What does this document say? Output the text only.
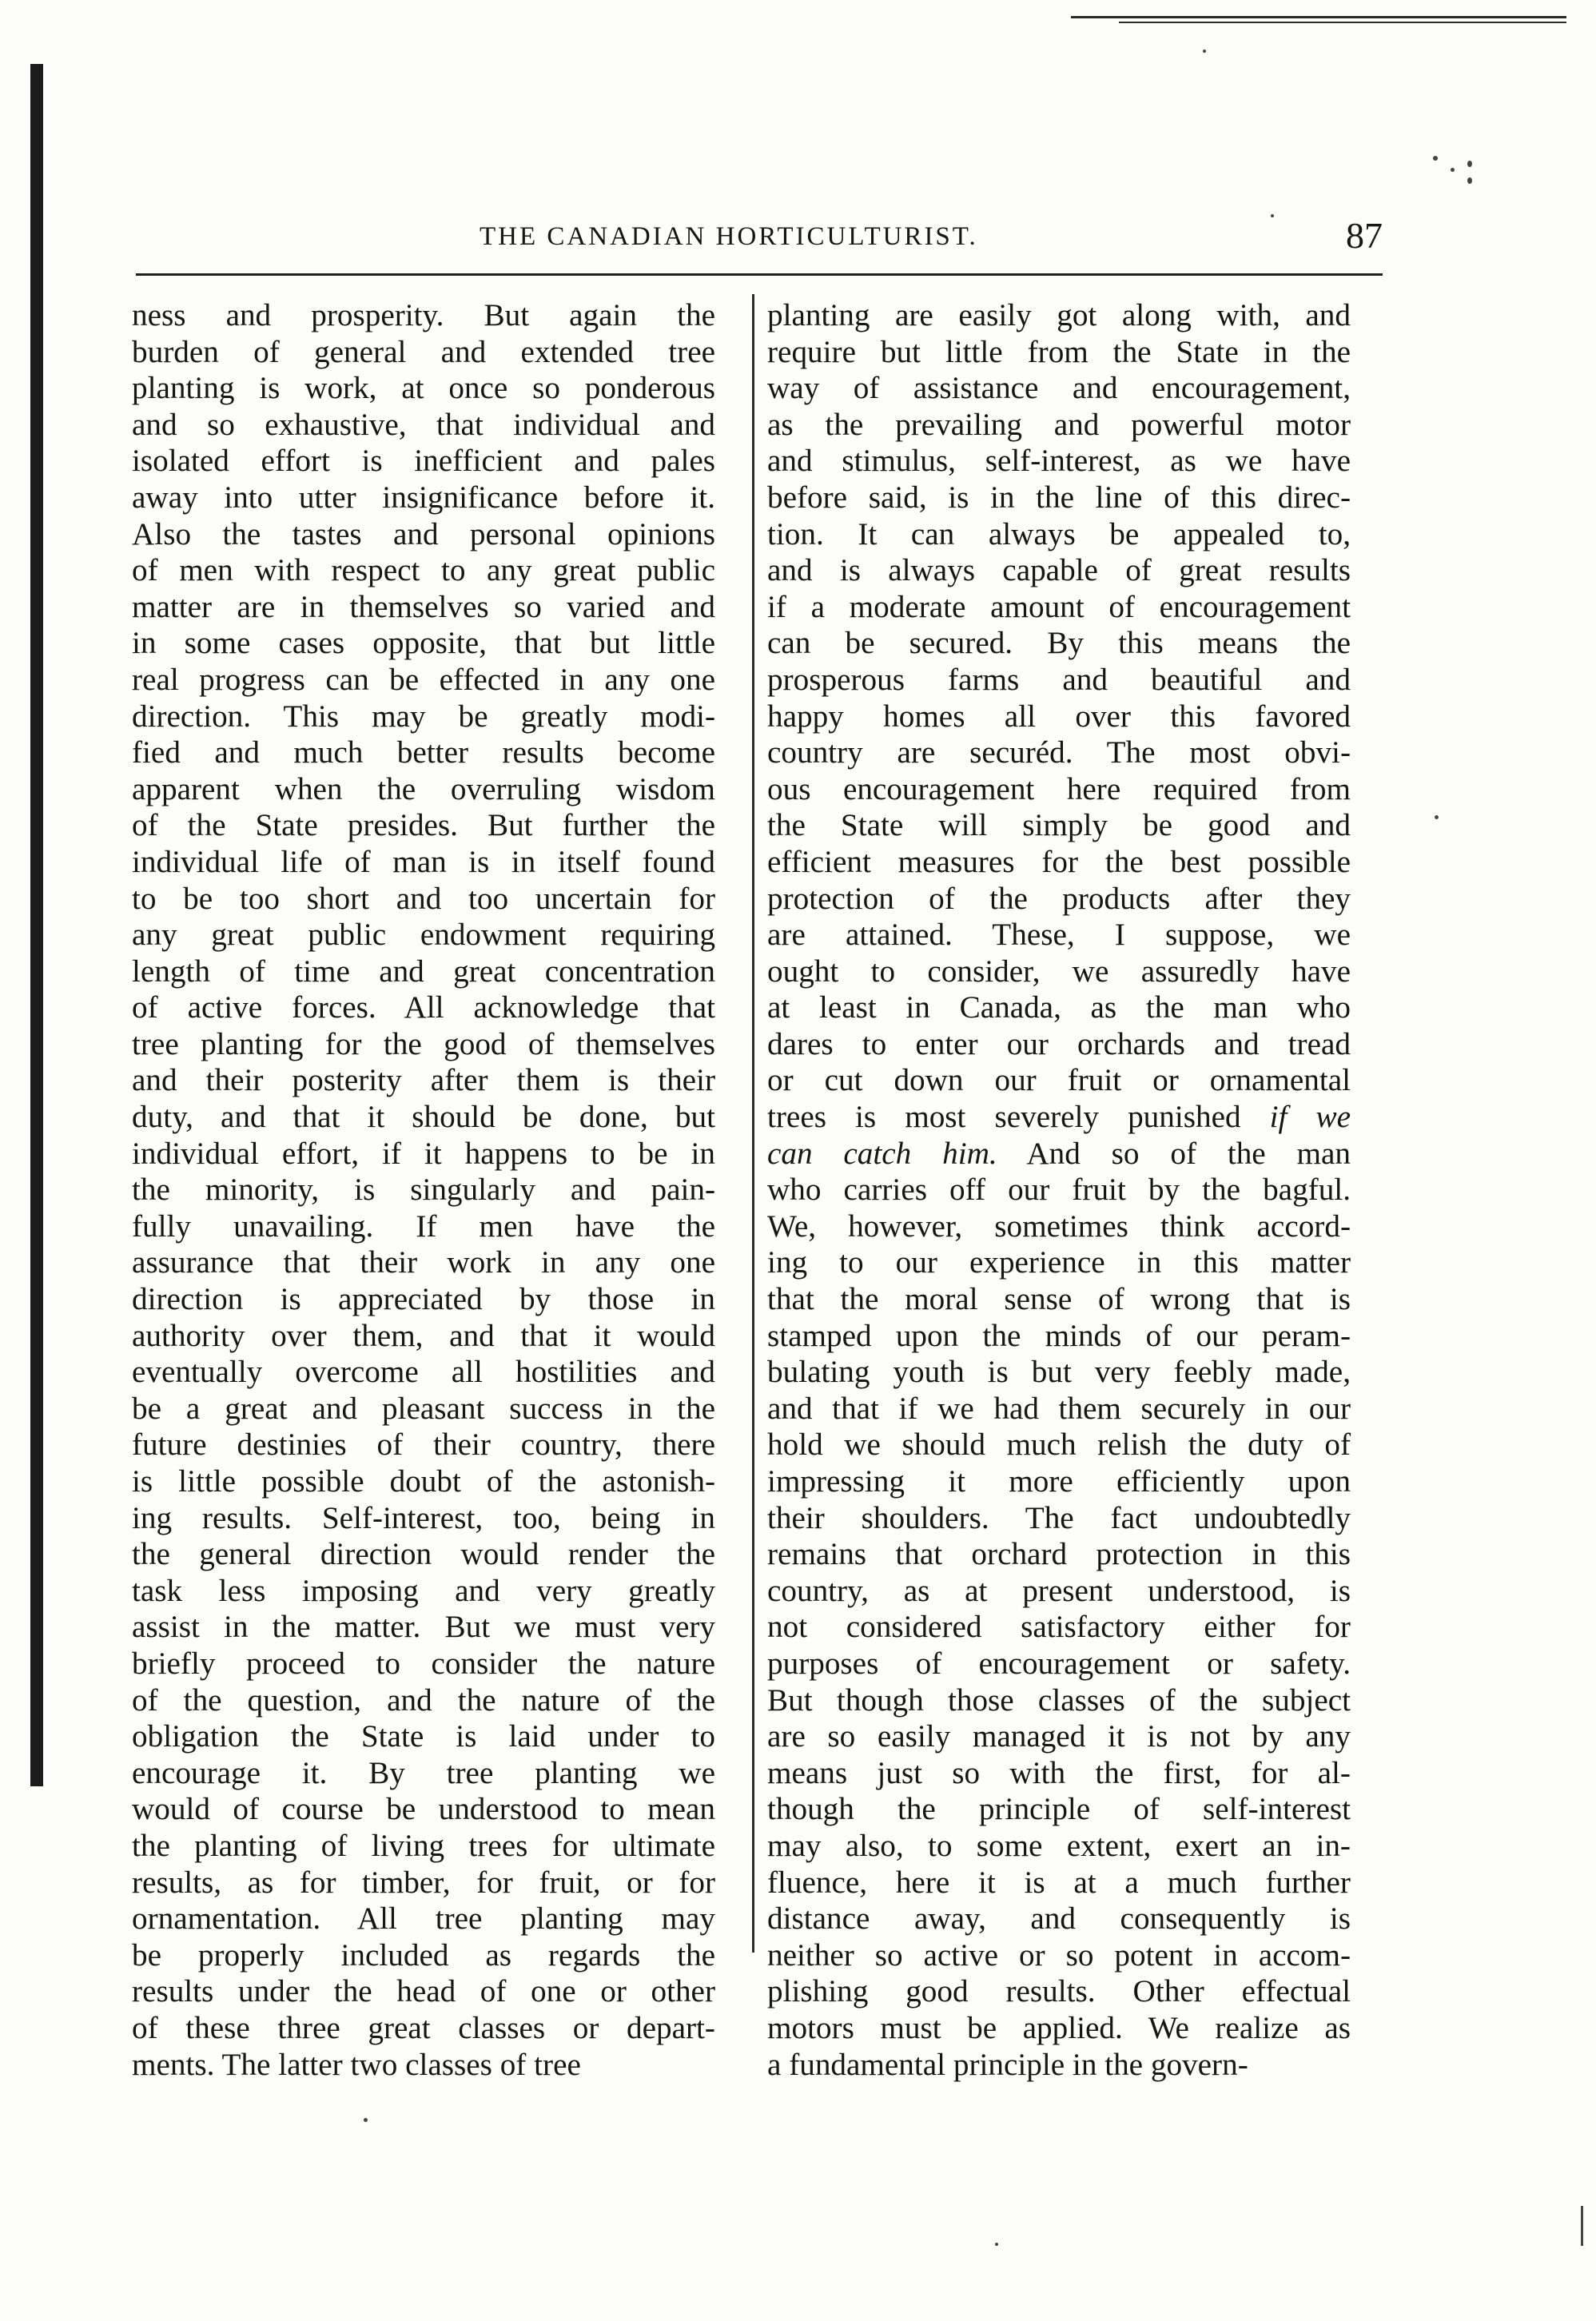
THE CANADIAN HORTICULTURIST.	87
ness and prosperity. But again the
burden of general and extended tree
planting is work, at once so ponderous
and so exhaustive, that individual and
isolated effort is inefficient and pales
away into utter insignificance before it.
Also the tastes and personal opinions
of men with respect to any great public
matter are in themselves so varied and
in some cases opposite, that but little
real progress can be effected in any one
direction. This may be greatly modi-
fied and much better results become
apparent when the overruling wisdom
of the State presides. But further the
individual life of man is in itself found
to be too short and too uncertain for
any great public endowment requiring
length of time and great concentration
of active forces. All acknowledge that
tree planting for the good of themselves
and their posterity after them is their
duty, and that it should be done, but
individual effort, if it happens to be in
the minority, is singularly and pain-
fully unavailing. If men have the
assurance that their work in any one
direction is appreciated by those in
authority over them, and that it would
eventually overcome all hostilities and
be a great and pleasant success in the
future destinies of their country, there
is little possible doubt of the astonish-
ing results. Self-interest, too, being in
the general direction would render the
task less imposing and very greatly
assist in the matter. But we must very
briefly proceed to consider the nature
of the question, and the nature of the
obligation the State is laid under to
encourage it. By tree planting we
would of course be understood to mean
the planting of living trees for ultimate
results, as for timber, for fruit, or for
ornamentation. All tree planting may
be properly included as regards the
results under the head of one or other
of these three great classes or depart-
ments. The latter two classes of tree
planting are easily got along with, and
require but little from the State in the
way of assistance and encouragement,
as the prevailing and powerful motor
and stimulus, self-interest, as we have
before said, is in the line of this direc-
tion. It can always be appealed to,
and is always capable of great results
if a moderate amount of encouragement
can be secured. By this means the
prosperous farms and beautiful and
happy homes all over this favored
country are securéd. The most obvi-
ous encouragement here required from
the State will simply be good and
efficient measures for the best possible
protection of the products after they
are attained. These, I suppose, we
ought to consider, we assuredly have
at least in Canada, as the man who
dares to enter our orchards and tread
or cut down our fruit or ornamental
trees is most severely punished if we
can catch him. And so of the man
who carries off our fruit by the bagful.
We, however, sometimes think accord-
ing to our experience in this matter
that the moral sense of wrong that is
stamped upon the minds of our peram-
bulating youth is but very feebly made,
and that if we had them securely in our
hold we should much relish the duty of
impressing it more efficiently upon
their shoulders. The fact undoubtedly
remains that orchard protection in this
country, as at present understood, is
not considered satisfactory either for
purposes of encouragement or safety.
But though those classes of the subject
are so easily managed it is not by any
means just so with the first, for al-
though the principle of self-interest
may also, to some extent, exert an in-
fluence, here it is at a much further
distance away, and consequently is
neither so active or so potent in accom-
plishing good results. Other effectual
motors must be applied. We realize as
a fundamental principle in the govern-
